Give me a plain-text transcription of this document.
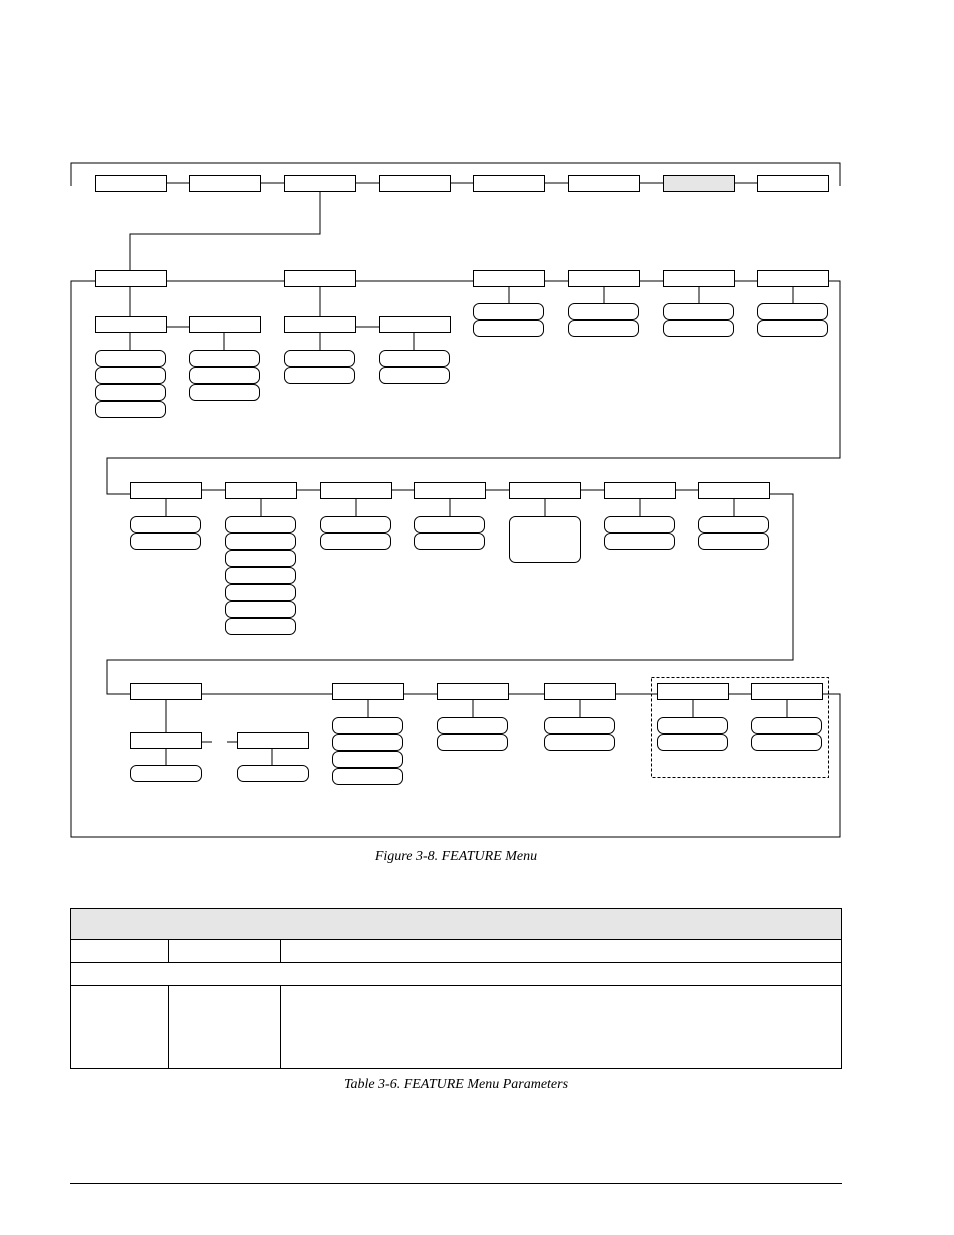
Figure 3-8. FEATURE Menu

Table 3-6. FEATURE Menu Parameters
